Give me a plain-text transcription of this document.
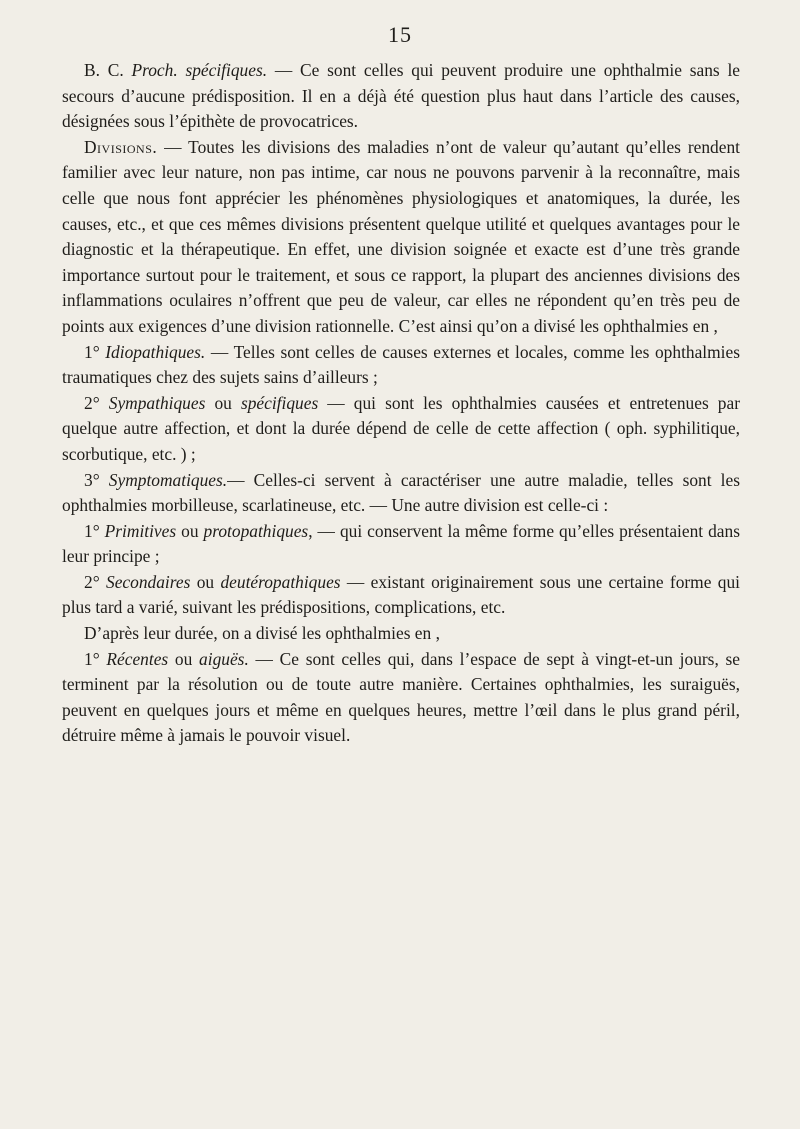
15

B. C. Proch. spécifiques. — Ce sont celles qui peuvent produire une ophthalmie sans le secours d’aucune prédisposition. Il en a déjà été question plus haut dans l’article des causes, désignées sous l’épithète de provocatrices.

Divisions. — Toutes les divisions des maladies n’ont de valeur qu’autant qu’elles rendent familier avec leur nature, non pas intime, car nous ne pouvons parvenir à la reconnaître, mais celle que nous font apprécier les phénomènes physiologiques et anatomiques, la durée, les causes, etc., et que ces mêmes divisions présentent quelque utilité et quelques avantages pour le diagnostic et la thérapeutique. En effet, une division soignée et exacte est d’une très grande importance surtout pour le traitement, et sous ce rapport, la plupart des anciennes divisions des inflammations oculaires n’offrent que peu de valeur, car elles ne répondent qu’en très peu de points aux exigences d’une division rationnelle. C’est ainsi qu’on a divisé les ophthalmies en ,

1° Idiopathiques. — Telles sont celles de causes externes et locales, comme les ophthalmies traumatiques chez des sujets sains d’ailleurs ;

2° Sympathiques ou spécifiques — qui sont les ophthalmies causées et entretenues par quelque autre affection, et dont la durée dépend de celle de cette affection ( oph. syphilitique, scorbutique, etc. ) ;

3° Symptomatiques.— Celles-ci servent à caractériser une autre maladie, telles sont les ophthalmies morbilleuse, scarlatineuse, etc. — Une autre division est celle-ci :

1° Primitives ou protopathiques, — qui conservent la même forme qu’elles présentaient dans leur principe ;

2° Secondaires ou deutéropathiques — existant originairement sous une certaine forme qui plus tard a varié, suivant les prédispositions, complications, etc.

D’après leur durée, on a divisé les ophthalmies en ,

1° Récentes ou aiguës. — Ce sont celles qui, dans l’espace de sept à vingt-et-un jours, se terminent par la résolution ou de toute autre manière. Certaines ophthalmies, les suraiguës, peuvent en quelques jours et même en quelques heures, mettre l’œil dans le plus grand péril, détruire même à jamais le pouvoir visuel.
